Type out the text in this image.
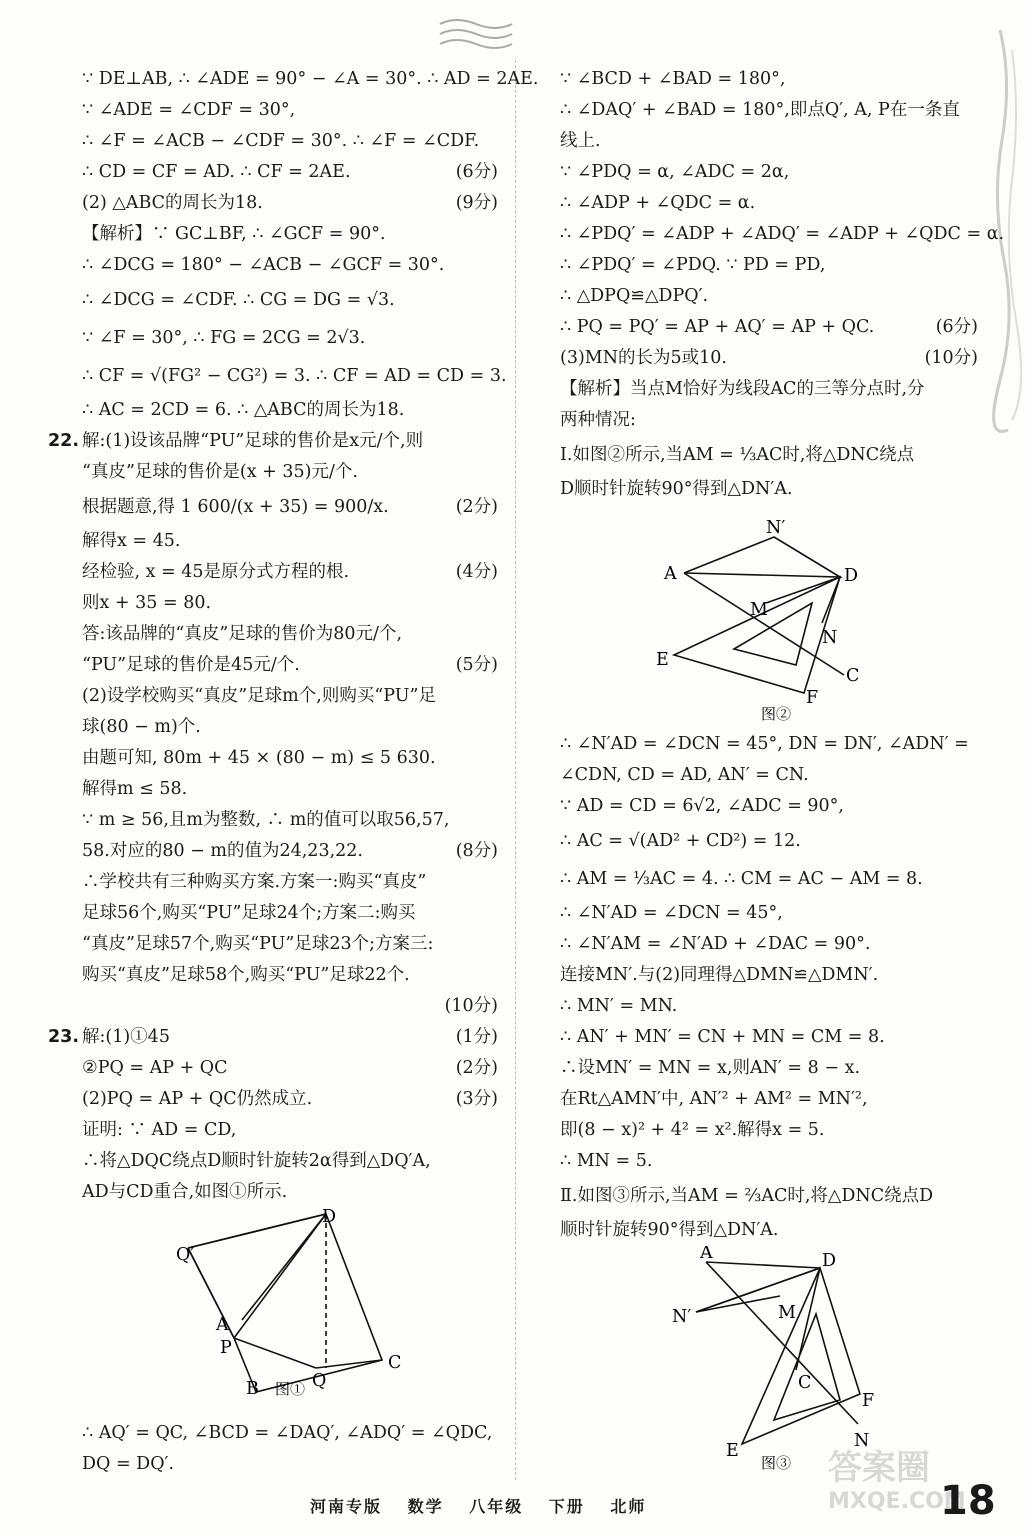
∵ DE⊥AB, ∴ ∠ADE = 90° − ∠A = 30°. ∴ AD = 2AE.
∵ ∠ADE = ∠CDF = 30°,
∴ ∠F = ∠ACB − ∠CDF = 30°. ∴ ∠F = ∠CDF.
∴ CD = CF = AD. ∴ CF = 2AE.	(6分)
(2) △ABC的周长为18.	(9分)
【解析】∵ GC⊥BF, ∴ ∠GCF = 90°.
∴ ∠DCG = 180° − ∠ACB − ∠GCF = 30°.
∴ ∠DCG = ∠CDF. ∴ CG = DG = √3.
∵ ∠F = 30°, ∴ FG = 2CG = 2√3.
∴ CF = √(FG² − CG²) = 3. ∴ CF = AD = CD = 3.
∴ AC = 2CD = 6. ∴ △ABC的周长为18.
22. 解:(1)设该品牌“PU”足球的售价是x元/个,则
“真皮”足球的售价是(x + 35)元/个.
根据题意,得 1 600/(x + 35) = 900/x.	(2分)
解得x = 45.
经检验, x = 45是原分式方程的根.	(4分)
则x + 35 = 80.
答:该品牌的“真皮”足球的售价为80元/个,
“PU”足球的售价是45元/个.	(5分)
(2)设学校购买“真皮”足球m个,则购买“PU”足
球(80 − m)个.
由题可知, 80m + 45 × (80 − m) ≤ 5 630.
解得m ≤ 58.
∵ m ≥ 56,且m为整数, ∴ m的值可以取56,57,
58.对应的80 − m的值为24,23,22.	(8分)
∴学校共有三种购买方案.方案一:购买“真皮”
足球56个,购买“PU”足球24个;方案二:购买
“真皮”足球57个,购买“PU”足球23个;方案三:
购买“真皮”足球58个,购买“PU”足球22个.
(10分)
23. 解:(1)①45	(1分)
②PQ = AP + QC	(2分)
(2)PQ = AP + QC仍然成立.	(3分)
证明: ∵ AD = CD,
∴将△DQC绕点D顺时针旋转2α得到△DQ′A,
AD与CD重合,如图①所示.
D
Q′
A
P
Q
C
B 图①
∴ AQ′ = QC, ∠BCD = ∠DAQ′, ∠ADQ′ = ∠QDC,
DQ = DQ′.
∵ ∠BCD + ∠BAD = 180°,
∴ ∠DAQ′ + ∠BAD = 180°,即点Q′, A, P在一条直
线上.
∵ ∠PDQ = α, ∠ADC = 2α,
∴ ∠ADP + ∠QDC = α.
∴ ∠PDQ′ = ∠ADP + ∠ADQ′ = ∠ADP + ∠QDC = α.
∴ ∠PDQ′ = ∠PDQ. ∵ PD = PD,
∴ △DPQ≌△DPQ′.
∴ PQ = PQ′ = AP + AQ′ = AP + QC.	(6分)
(3)MN的长为5或10.	(10分)
【解析】当点M恰好为线段AC的三等分点时,分
两种情况:
Ⅰ.如图②所示,当AM = ⅓AC时,将△DNC绕点
D顺时针旋转90°得到△DN′A.
N′
A	D
M
N
E
C
F
图②
∴ ∠N′AD = ∠DCN = 45°, DN = DN′, ∠ADN′ =
∠CDN, CD = AD, AN′ = CN.
∵ AD = CD = 6√2, ∠ADC = 90°,
∴ AC = √(AD² + CD²) = 12.
∴ AM = ⅓AC = 4. ∴ CM = AC − AM = 8.
∴ ∠N′AD = ∠DCN = 45°,
∴ ∠N′AM = ∠N′AD + ∠DAC = 90°.
连接MN′.与(2)同理得△DMN≌△DMN′.
∴ MN′ = MN.
∴ AN′ + MN′ = CN + MN = CM = 8.
∴设MN′ = MN = x,则AN′ = 8 − x.
在Rt△AMN′中, AN′² + AM² = MN′²,
即(8 − x)² + 4² = x².解得x = 5.
∴ MN = 5.
Ⅱ.如图③所示,当AM = ⅔AC时,将△DNC绕点D
顺时针旋转90°得到△DN′A.
A	D
N′	M
C
F
E	N
图③
河南专版 数学 八年级 下册 北师
答案圈
MXQE.COM
18
